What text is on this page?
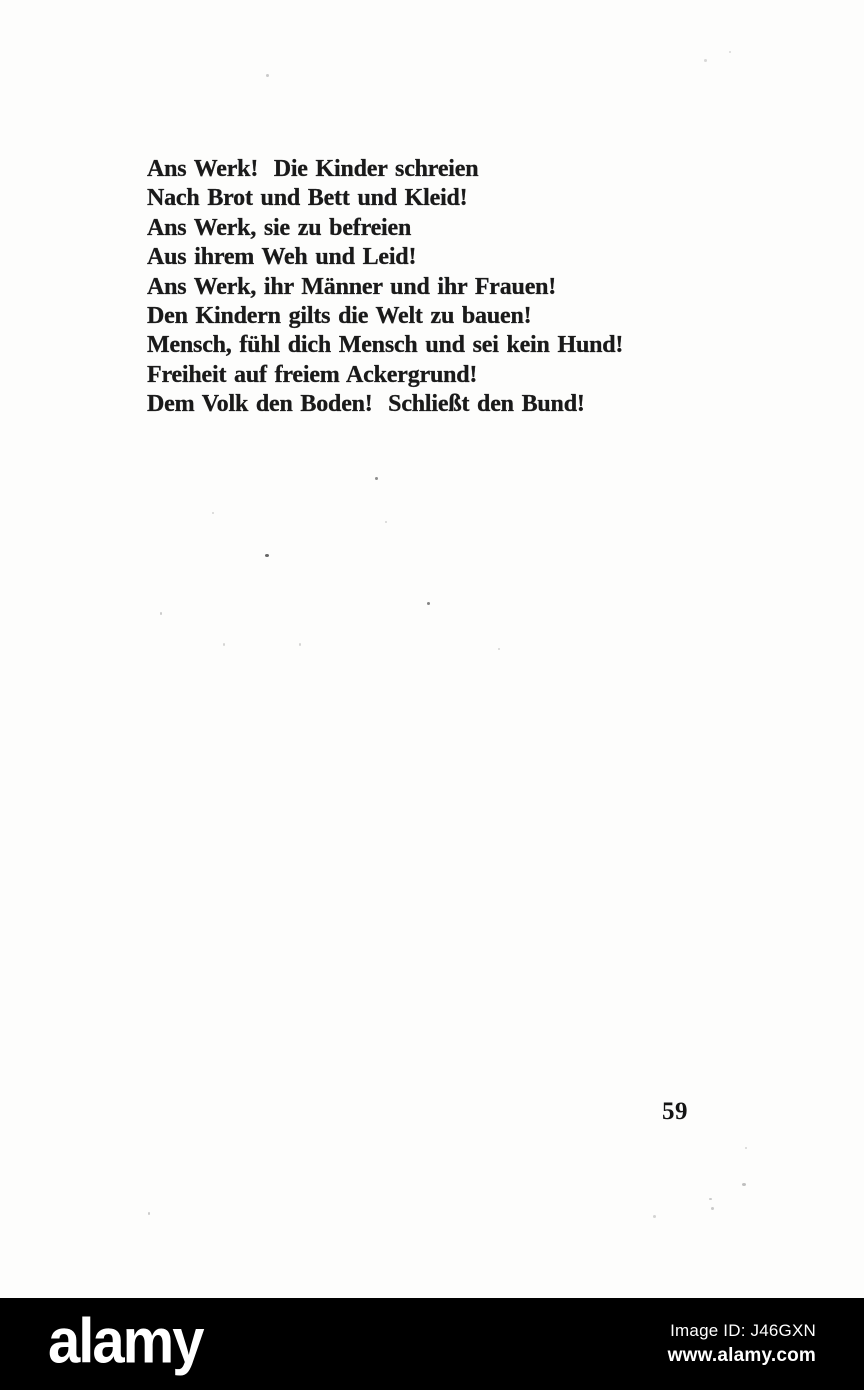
Ans Werk!  Die Kinder schreien
Nach Brot und Bett und Kleid!
Ans Werk, sie zu befreien
Aus ihrem Weh und Leid!
Ans Werk, ihr Männer und ihr Frauen!
Den Kindern gilts die Welt zu bauen!
Mensch, fühl dich Mensch und sei kein Hund!
Freiheit auf freiem Ackergrund!
Dem Volk den Boden!  Schließt den Bund!
59
alamy	Image ID: J46GXN
www.alamy.com
